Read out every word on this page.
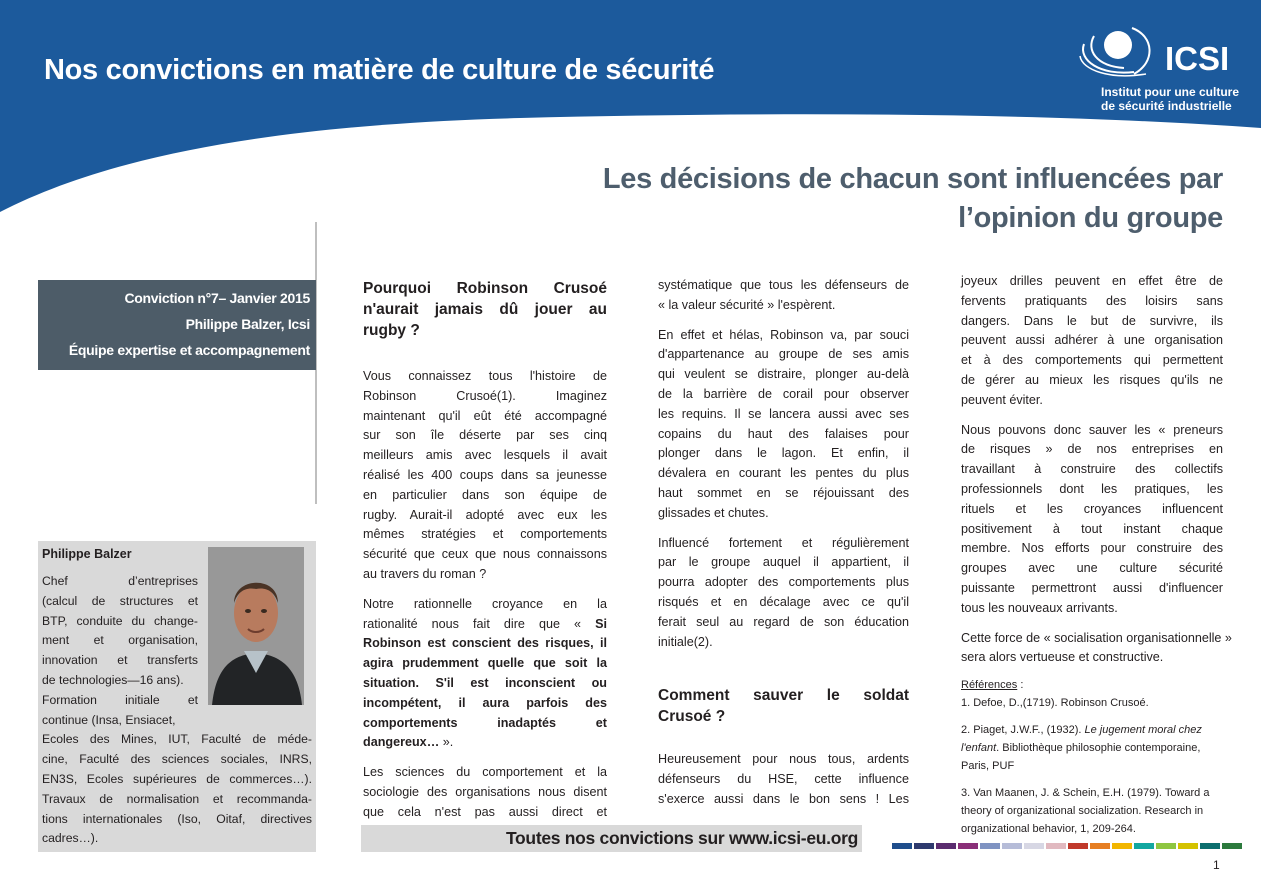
Nos convictions en matière de culture de sécurité	ICSI
Institut pour une culture
de sécurité industrielle
Les décisions de chacun sont influencées par
l’opinion du groupe
Conviction n°7– Janvier 2015
Philippe Balzer, Icsi
Équipe expertise et accompagnement
Philippe Balzer
Chef d’entreprises
(calcul de structures et
BTP, conduite du change-
ment et organisation,
innovation et transferts
de technologies—16 ans).
Formation initiale et
continue (Insa, Ensiacet,
Ecoles des Mines, IUT, Faculté de méde-
cine, Faculté des sciences sociales, INRS,
EN3S, Ecoles supérieures de commerces…).
Travaux de normalisation et recommanda-
tions internationales (Iso, Oitaf, directives
cadres…).
Pourquoi Robinson Crusoé
n'aurait jamais dû jouer au
rugby ?
Vous connaissez tous l'histoire de
Robinson Crusoé(1). Imaginez
maintenant qu'il eût été accompagné
sur son île déserte par ses cinq
meilleurs amis avec lesquels il avait
réalisé les 400 coups dans sa jeunesse
en particulier dans son équipe de
rugby. Aurait-il adopté avec eux les
mêmes stratégies et comportements
sécurité que ceux que nous connaissons
au travers du roman ?
Notre rationnelle croyance en la
rationalité nous fait dire que « Si
Robinson est conscient des risques, il
agira prudemment quelle que soit la
situation. S'il est inconscient ou
incompétent, il aura parfois des
comportements inadaptés et
dangereux… ».
Les sciences du comportement et la
sociologie des organisations nous disent
que cela n'est pas aussi direct et
systématique que tous les défenseurs de
« la valeur sécurité » l'espèrent.
En effet et hélas, Robinson va, par souci
d'appartenance au groupe de ses amis
qui veulent se distraire, plonger au-delà
de la barrière de corail pour observer
les requins. Il se lancera aussi avec ses
copains du haut des falaises pour
plonger dans le lagon. Et enfin, il
dévalera en courant les pentes du plus
haut sommet en se réjouissant des
glissades et chutes.
Influencé fortement et régulièrement
par le groupe auquel il appartient, il
pourra adopter des comportements plus
risqués et en décalage avec ce qu'il
ferait seul au regard de son éducation
initiale(2).
Comment sauver le soldat
Crusoé ?
Heureusement pour nous tous, ardents
défenseurs du HSE, cette influence
s'exerce aussi dans le bon sens ! Les
joyeux drilles peuvent en effet être de
fervents pratiquants des loisirs sans
dangers. Dans le but de survivre, ils
peuvent aussi adhérer à une organisation
et à des comportements qui permettent
de gérer au mieux les risques qu'ils ne
peuvent éviter.
Nous pouvons donc sauver les « preneurs
de risques » de nos entreprises en
travaillant à construire des collectifs
professionnels dont les pratiques, les
rituels et les croyances influencent
positivement à tout instant chaque
membre. Nos efforts pour construire des
groupes avec une culture sécurité
puissante permettront aussi d'influencer
tous les nouveaux arrivants.
Cette force de « socialisation organisationnelle »
sera alors vertueuse et constructive.
Références :
1. Defoe, D.,(1719). Robinson Crusoé.
2. Piaget, J.W.F., (1932). Le jugement moral chez
l'enfant. Bibliothèque philosophie contemporaine,
Paris, PUF
3. Van Maanen, J. & Schein, E.H. (1979). Toward a
theory of organizational socialization. Research in
organizational behavior, 1, 209-264.
Toutes nos convictions sur www.icsi-eu.org
1
